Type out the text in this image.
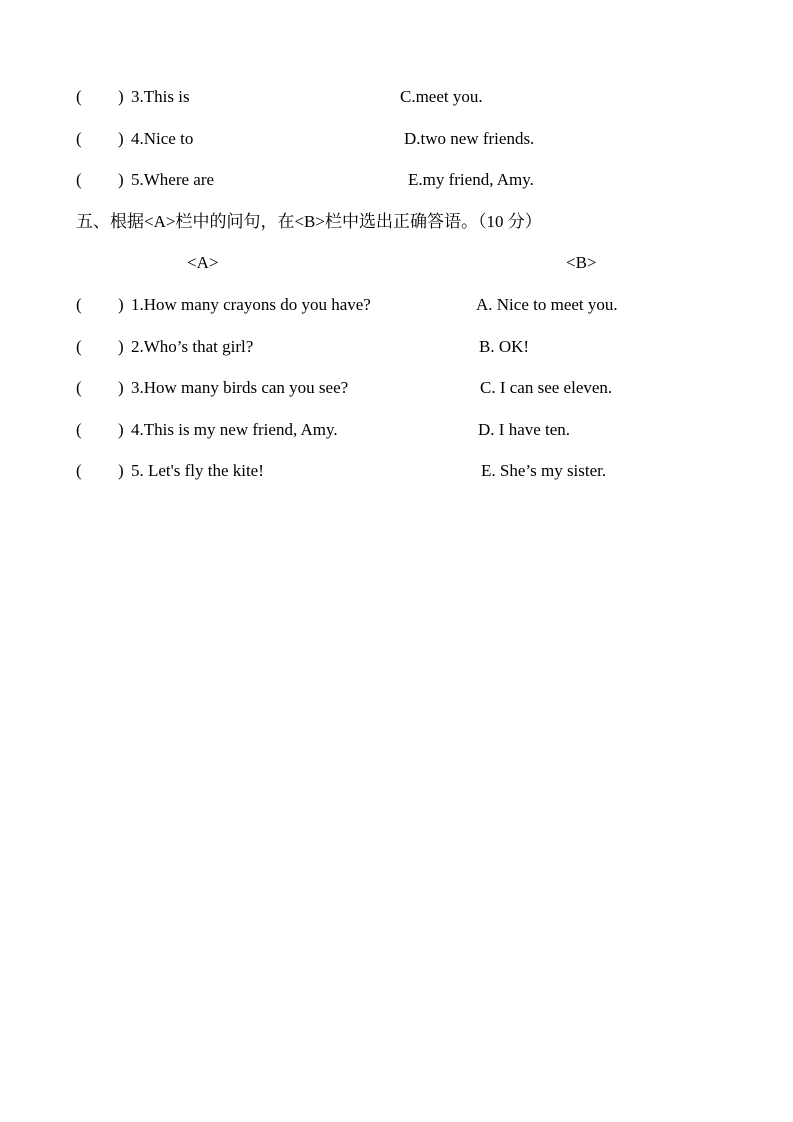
( ) 3.This is	C.meet you.
( ) 4.Nice to	D.two new friends.
( ) 5.Where are	E.my friend, Amy.
五、根据<A>栏中的问句，在<B>栏中选出正确答语。（10 分）
<A>	<B>
( ) 1.How many crayons do you have?	A. Nice to meet you.
( ) 2.Who’s that girl?	B. OK!
( ) 3.How many birds can you see?	C. I can see eleven.
( ) 4.This is my new friend, Amy.	D. I have ten.
( ) 5. Let's fly the kite!	E. She’s my sister.
